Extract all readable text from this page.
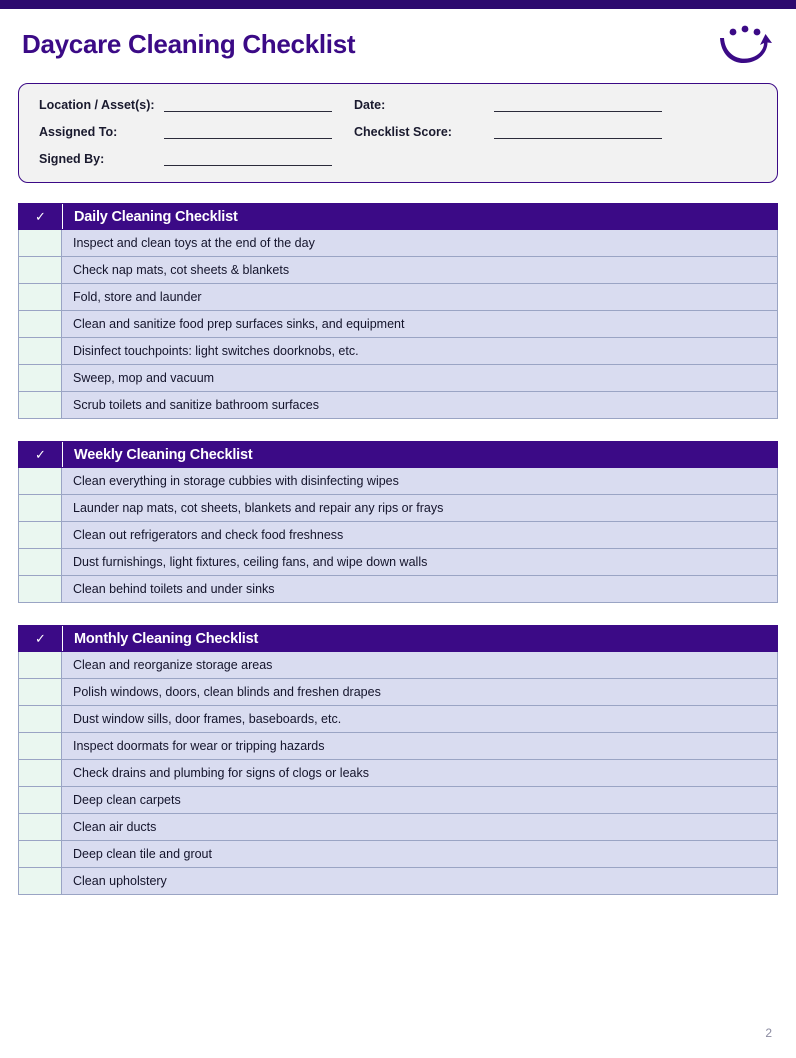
Daycare Cleaning Checklist
Location / Asset(s):	Date:
Assigned To:	Checklist Score:
Signed By:
✓	Daily Cleaning Checklist
Inspect and clean toys at the end of the day
Check nap mats, cot sheets & blankets
Fold, store and launder
Clean and sanitize food prep surfaces sinks, and equipment
Disinfect touchpoints: light switches doorknobs, etc.
Sweep, mop and vacuum
Scrub toilets and sanitize bathroom surfaces
✓	Weekly Cleaning Checklist
Clean everything in storage cubbies with disinfecting wipes
Launder nap mats, cot sheets, blankets and repair any rips or frays
Clean out refrigerators and check food freshness
Dust furnishings, light fixtures, ceiling fans, and wipe down walls
Clean behind toilets and under sinks
✓	Monthly Cleaning Checklist
Clean and reorganize storage areas
Polish windows, doors, clean blinds and freshen drapes
Dust window sills, door frames, baseboards, etc.
Inspect doormats for wear or tripping hazards
Check drains and plumbing for signs of clogs or leaks
Deep clean carpets
Clean air ducts
Deep clean tile and grout
Clean upholstery
2
